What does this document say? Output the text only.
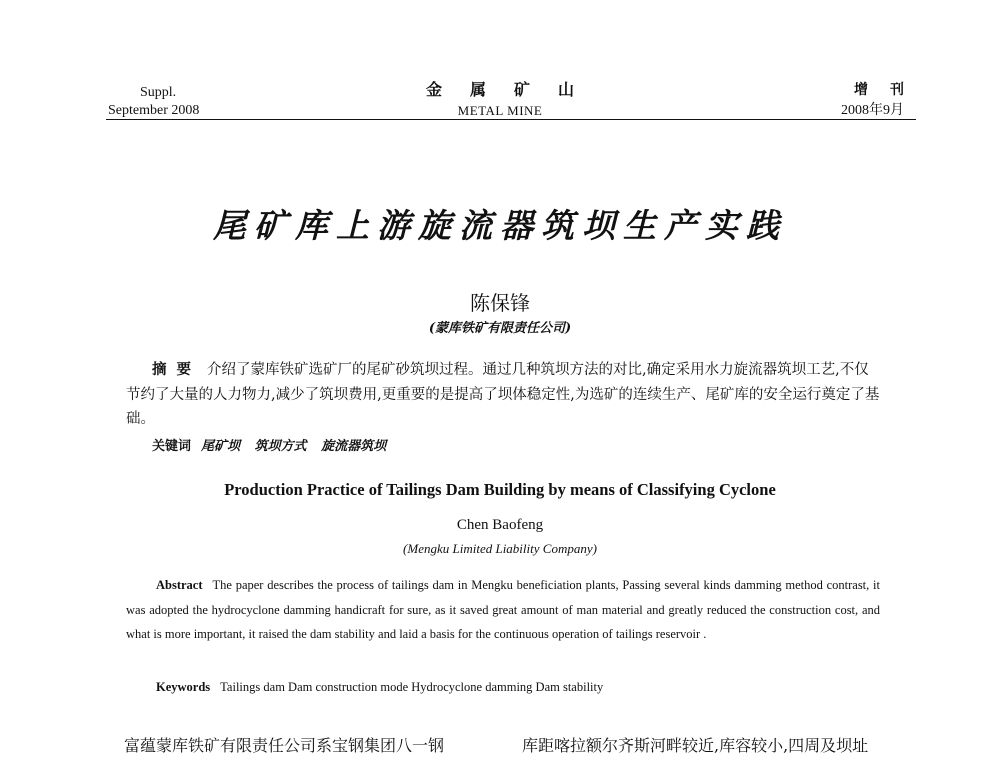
Suppl.
September 2008
金属矿山
METAL MINE
增刊
2008年9月
尾矿库上游旋流器筑坝生产实践
陈保锋
(蒙库铁矿有限责任公司)
摘要 介绍了蒙库铁矿选矿厂的尾矿砂筑坝过程。通过几种筑坝方法的对比,确定采用水力旋流器筑坝工艺,不仅节约了大量的人力物力,减少了筑坝费用,更重要的是提高了坝体稳定性,为选矿的连续生产、尾矿库的安全运行奠定了基础。
关键词 尾矿坝 筑坝方式 旋流器筑坝
Production Practice of Tailings Dam Building by means of Classifying Cyclone
Chen Baofeng
(Mengku Limited Liability Company)
Abstract The paper describes the process of tailings dam in Mengku beneficiation plants, Passing several kinds damming method contrast, it was adopted the hydrocyclone damming handicraft for sure, as it saved great amount of man material and greatly reduced the construction cost, and what is more important, it raised the dam stability and laid a basis for the continuous operation of tailings reservoir .
Keywords Tailings dam Dam construction mode Hydrocyclone damming Dam stability
富蕴蒙库铁矿有限责任公司系宝钢集团八一钢	库距喀拉额尔齐斯河畔较近,库容较小,四周及坝址
